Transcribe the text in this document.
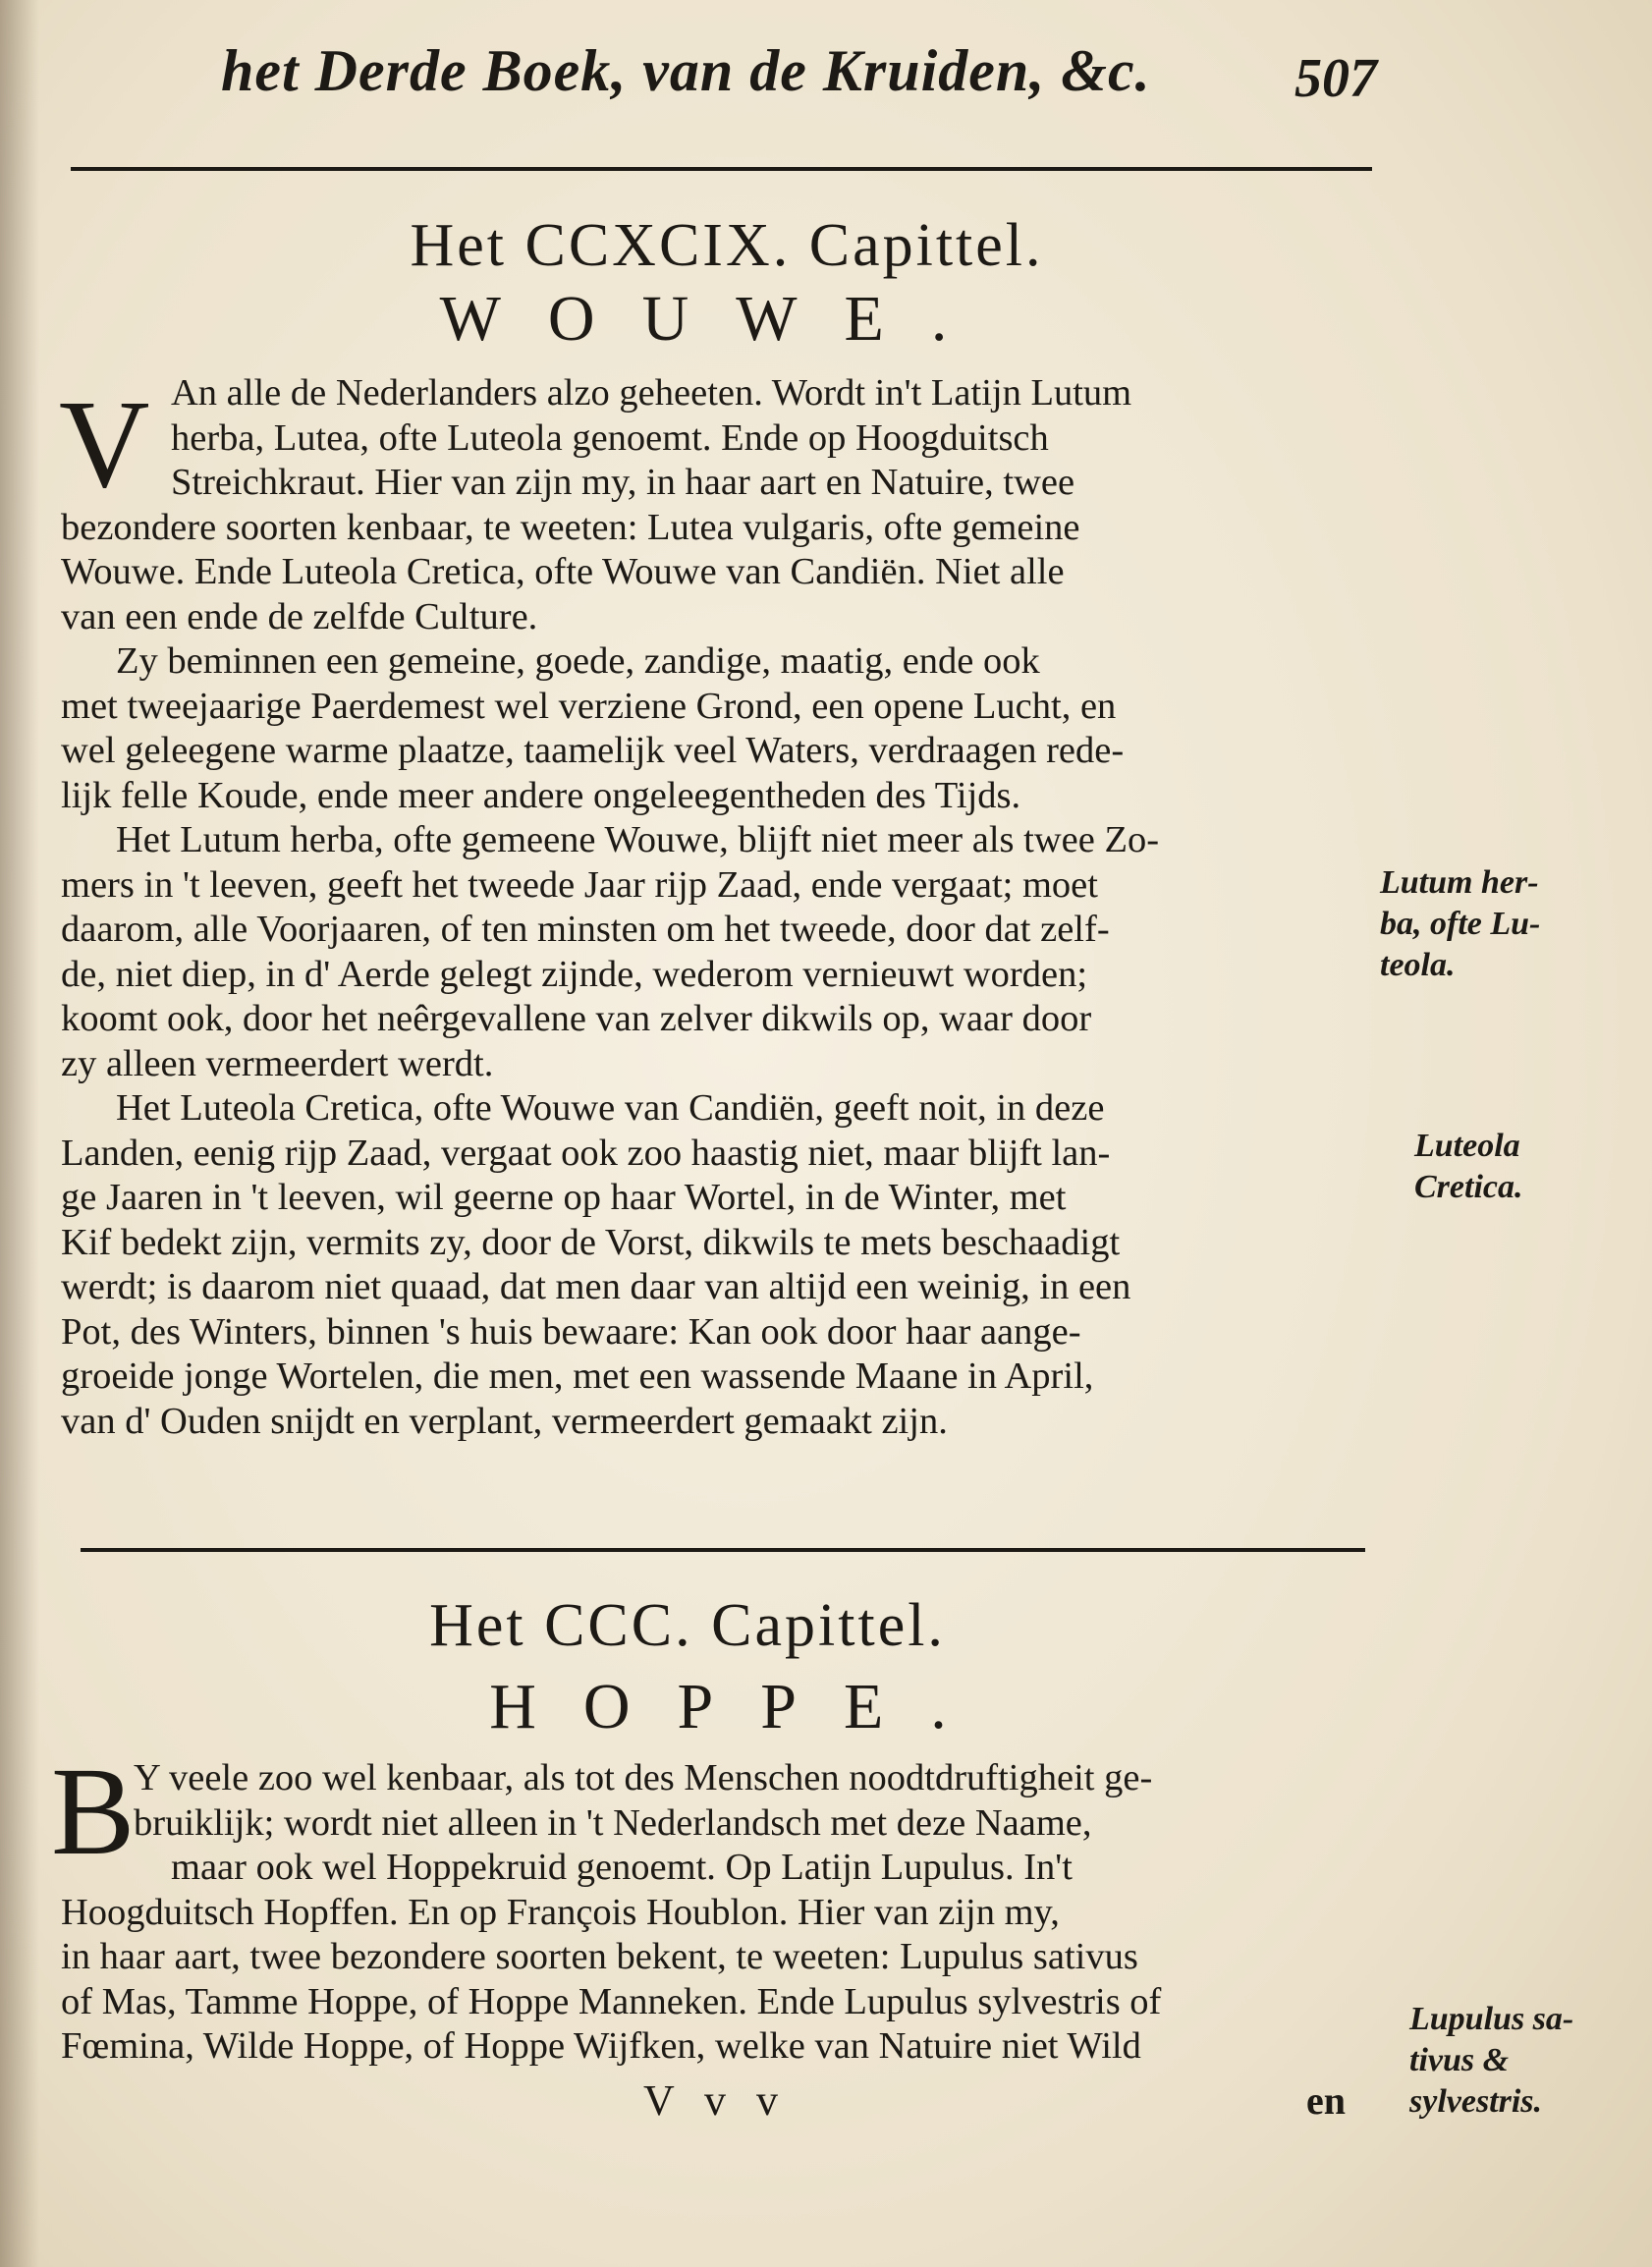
het Derde Boek, van de Kruiden, &c.	507
Het CCXCIX. Capittel.
WOUWE.
V An alle de Nederlanders alzo geheeten. Wordt in't Latijn Lutum
herba, Lutea, ofte Luteola genoemt. Ende op Hoogduitsch
Streichkraut. Hier van zijn my, in haar aart en Natuire, twee
bezondere soorten kenbaar, te weeten: Lutea vulgaris, ofte gemeine
Wouwe. Ende Luteola Cretica, ofte Wouwe van Candiën. Niet alle
van een ende de zelfde Culture.
Zy beminnen een gemeine, goede, zandige, maatig, ende ook
met tweejaarige Paerdemest wel verziene Grond, een opene Lucht, en
wel geleegene warme plaatze, taamelijk veel Waters, verdraagen rede-
lijk felle Koude, ende meer andere ongeleegentheden des Tijds.
Het Lutum herba, ofte gemeene Wouwe, blijft niet meer als twee Zo-
mers in 't leeven, geeft het tweede Jaar rijp Zaad, ende vergaat; moet
daarom, alle Voorjaaren, of ten minsten om het tweede, door dat zelf-
de, niet diep, in d' Aerde gelegt zijnde, wederom vernieuwt worden;
koomt ook, door het neêrgevallene van zelver dikwils op, waar door
zy alleen vermeerdert werdt.
Het Luteola Cretica, ofte Wouwe van Candiën, geeft noit, in deze
Landen, eenig rijp Zaad, vergaat ook zoo haastig niet, maar blijft lan-
ge Jaaren in 't leeven, wil geerne op haar Wortel, in de Winter, met
Kif bedekt zijn, vermits zy, door de Vorst, dikwils te mets beschaadigt
werdt; is daarom niet quaad, dat men daar van altijd een weinig, in een
Pot, des Winters, binnen 's huis bewaare: Kan ook door haar aange-
groeide jonge Wortelen, die men, met een wassende Maane in April,
van d' Ouden snijdt en verplant, vermeerdert gemaakt zijn.
Lutum her-
ba, ofte Lu-
teola.
Luteola
Cretica.
Het CCC. Capittel.
HOPPE.
B
Y veele zoo wel kenbaar, als tot des Menschen noodtdruftigheit ge-
bruiklijk; wordt niet alleen in 't Nederlandsch met deze Naame,
maar ook wel Hoppekruid genoemt. Op Latijn Lupulus. In't
Hoogduitsch Hopffen. En op François Houblon. Hier van zijn my,
in haar aart, twee bezondere soorten bekent, te weeten: Lupulus sativus
of Mas, Tamme Hoppe, of Hoppe Manneken. Ende Lupulus sylvestris of
Fœmina, Wilde Hoppe, of Hoppe Wijfken, welke van Natuire niet Wild
Lupulus sa-
tivus &
sylvestris.
V v v	en
